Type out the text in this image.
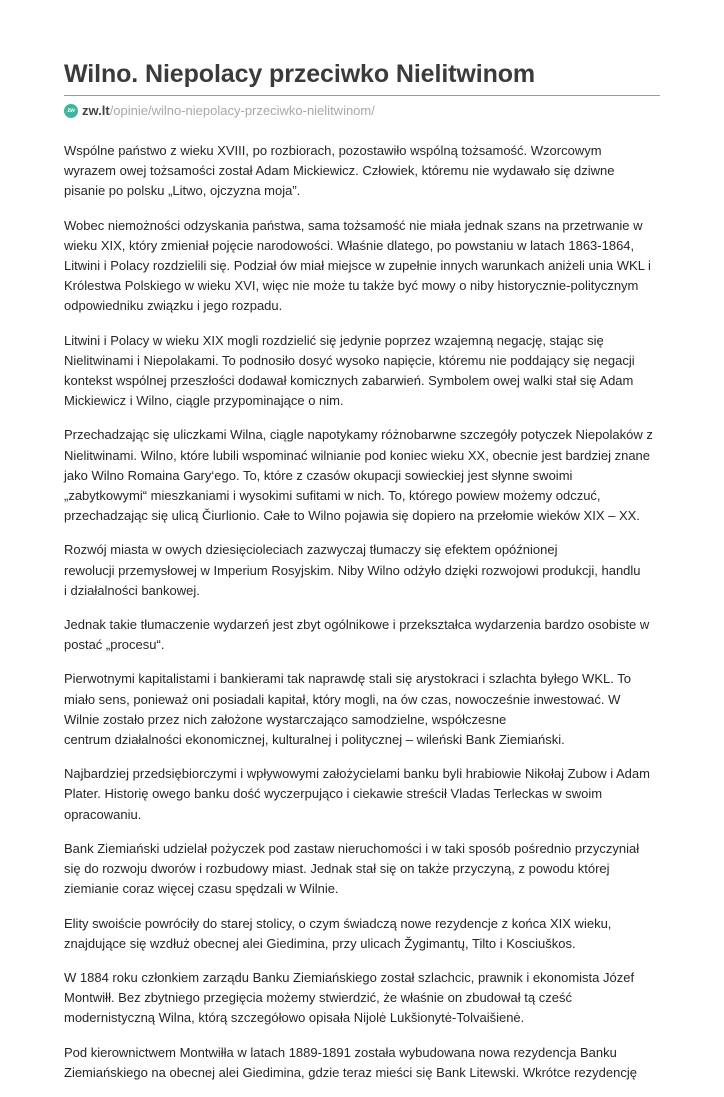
Wilno. Niepolacy przeciwko Nielitwinom
zw zw.lt /opinie/wilno-niepolacy-przeciwko-nielitwinom/

Wspólne państwo z wieku XVIII, po rozbiorach, pozostawiło wspólną tożsamość. Wzorcowym
wyrazem owej tożsamości został Adam Mickiewicz. Człowiek, któremu nie wydawało się dziwne
pisanie po polsku „Litwo, ojczyzna moja”.

Wobec niemożności odzyskania państwa, sama tożsamość nie miała jednak szans na przetrwanie w
wieku XIX, który zmieniał pojęcie narodowości. Właśnie dlatego, po powstaniu w latach 1863-1864,
Litwini i Polacy rozdzielili się. Podział ów miał miejsce w zupełnie innych warunkach aniżeli unia WKL i
Królestwa Polskiego w wieku XVI, więc nie może tu także być mowy o niby historycznie-politycznym
odpowiedniku związku i jego rozpadu.

Litwini i Polacy w wieku XIX mogli rozdzielić się jedynie poprzez wzajemną negację, stając się
Nielitwinami i Niepolakami. To podnosiło dosyć wysoko napięcie, któremu nie poddający się negacji
kontekst wspólnej przeszłości dodawał komicznych zabarwień. Symbolem owej walki stał się Adam
Mickiewicz i Wilno, ciągle przypominające o nim.

Przechadzając się uliczkami Wilna, ciągle napotykamy różnobarwne szczegóły potyczek Niepolaków z
Nielitwinami. Wilno, które lubili wspominać wilnianie pod koniec wieku XX, obecnie jest bardziej znane
jako Wilno Romaina Gary‘ego. To, które z czasów okupacji sowieckiej jest słynne swoimi
„zabytkowymi“ mieszkaniami i wysokimi sufitami w nich. To, którego powiew możemy odczuć,
przechadzając się ulicą Čiurlionio. Całe to Wilno pojawia się dopiero na przełomie wieków XIX – XX.

Rozwój miasta w owych dziesięcioleciach zazwyczaj tłumaczy się efektem opóźnionej
rewolucji przemysłowej w Imperium Rosyjskim. Niby Wilno odżyło dzięki rozwojowi produkcji, handlu
i działalności bankowej.

Jednak takie tłumaczenie wydarzeń jest zbyt ogólnikowe i przekształca wydarzenia bardzo osobiste w
postać „procesu“.

Pierwotnymi kapitalistami i bankierami tak naprawdę stali się arystokraci i szlachta byłego WKL. To
miało sens, ponieważ oni posiadali kapitał, który mogli, na ów czas, nowocześnie inwestować. W
Wilnie zostało przez nich założone wystarczająco samodzielne, współczesne
centrum działalności ekonomicznej, kulturalnej i politycznej – wileński Bank Ziemiański.

Najbardziej przedsiębiorczymi i wpływowymi założycielami banku byli hrabiowie Nikołaj Zubow i Adam
Plater. Historię owego banku dość wyczerpująco i ciekawie streścił Vladas Terleckas w swoim
opracowaniu.

Bank Ziemiański udzielał pożyczek pod zastaw nieruchomości i w taki sposób pośrednio przyczyniał
się do rozwoju dworów i rozbudowy miast. Jednak stał się on także przyczyną, z powodu której
ziemianie coraz więcej czasu spędzali w Wilnie.

Elity swoiście powróciły do starej stolicy, o czym świadczą nowe rezydencje z końca XIX wieku,
znajdujące się wzdłuż obecnej alei Giedimina, przy ulicach Žygimantų, Tilto i Kosciuškos.

W 1884 roku członkiem zarządu Banku Ziemiańskiego został szlachcic, prawnik i ekonomista Józef
Montwiłł. Bez zbytniego przegięcia możemy stwierdzić, że właśnie on zbudował tą cześć
modernistyczną Wilna, którą szczegółowo opisała Nijolė Lukšionytė-Tolvaišienė.

Pod kierownictwem Montwiłła w latach 1889-1891 została wybudowana nowa rezydencja Banku
Ziemiańskiego na obecnej alei Giedimina, gdzie teraz mieści się Bank Litewski. Wkrótce rezydencję
